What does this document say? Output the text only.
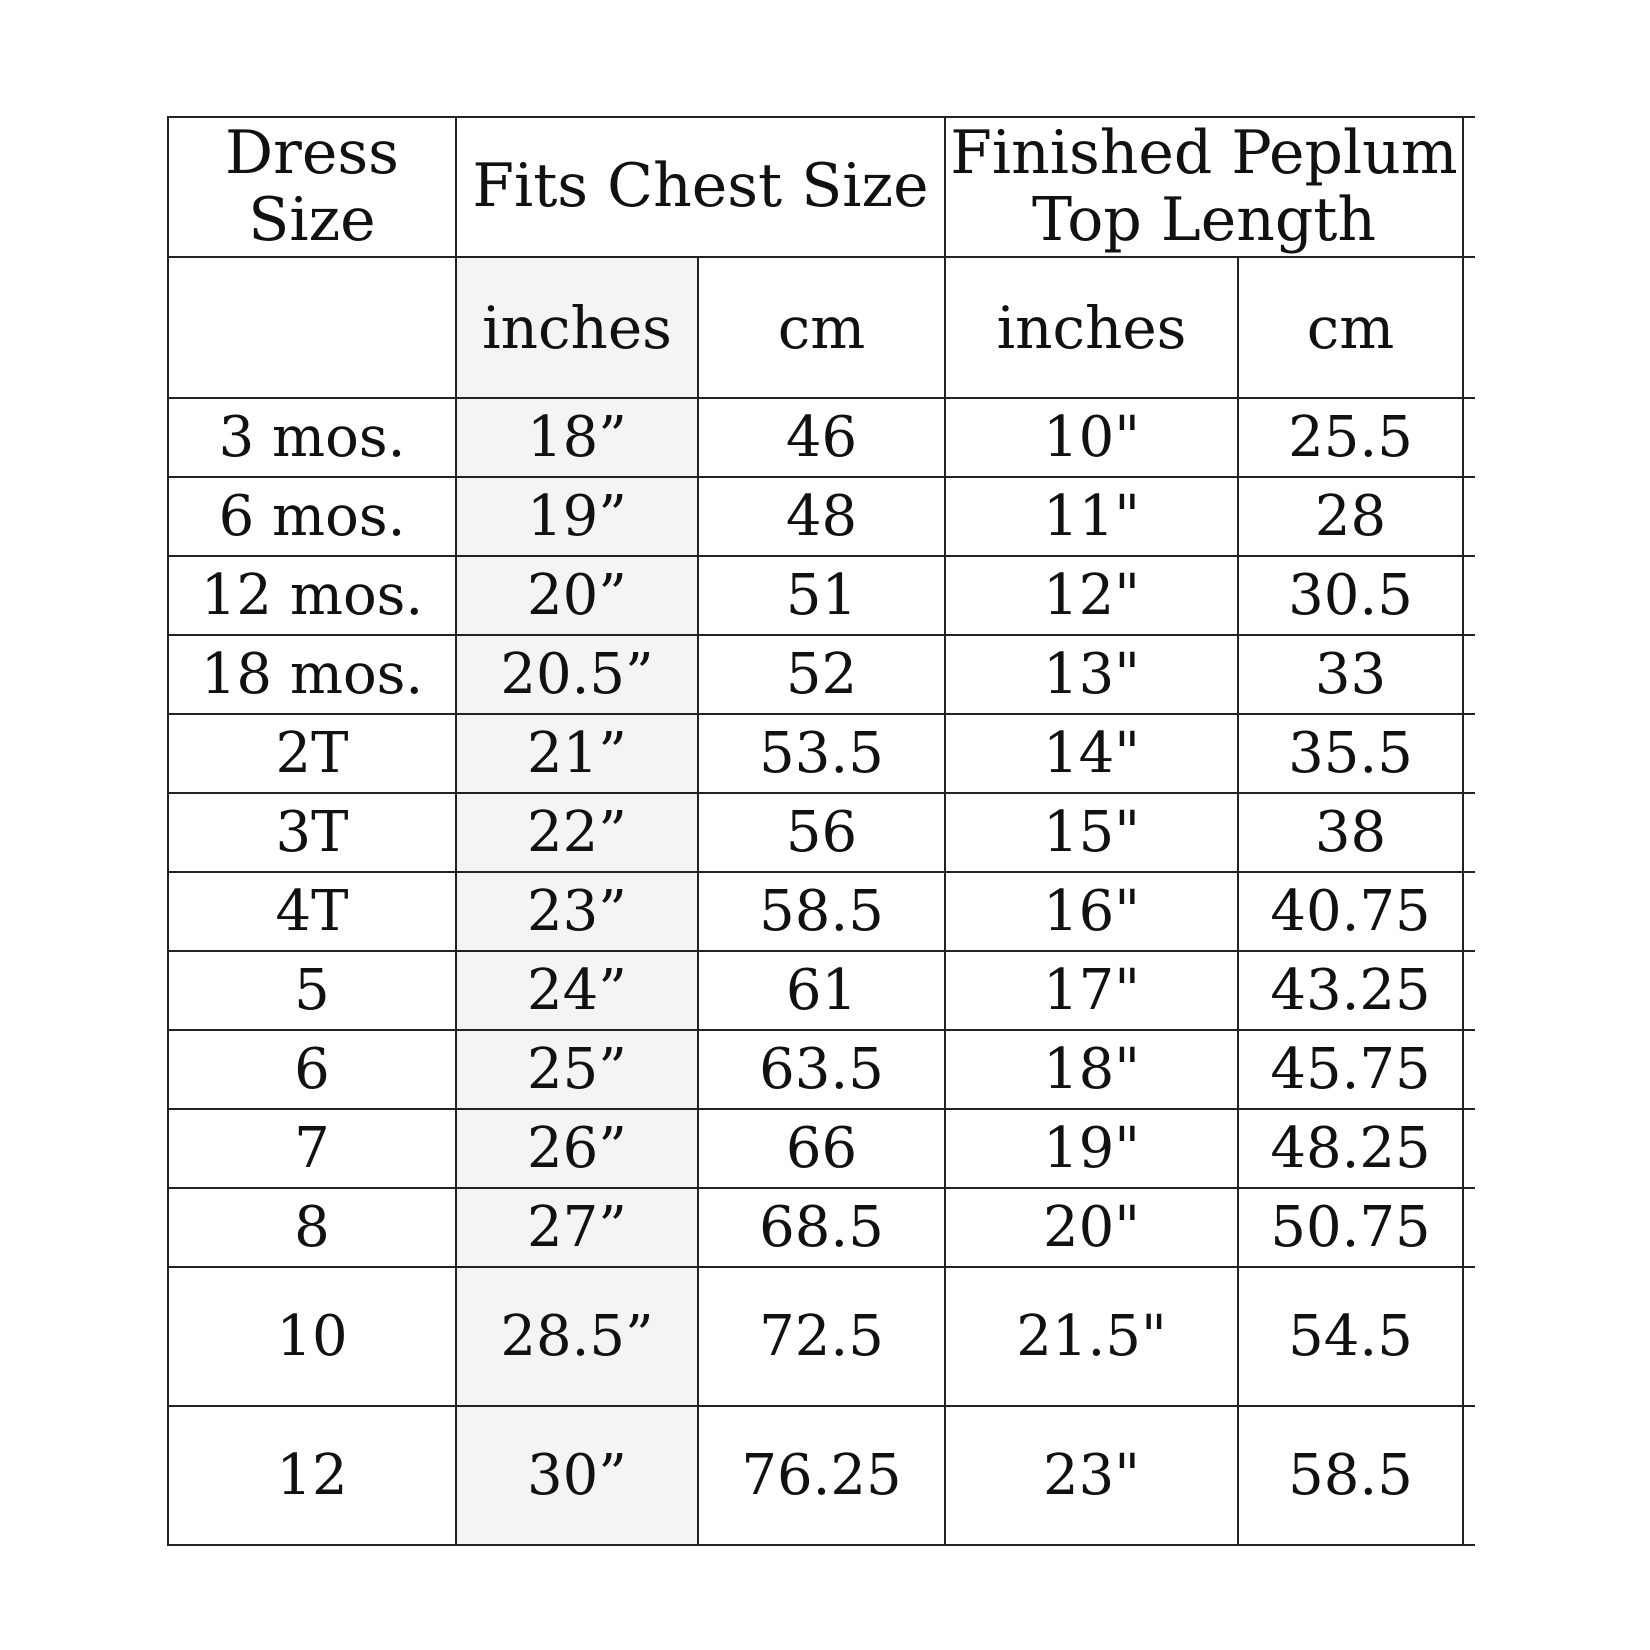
Dress Size	Fits Chest Size		Finished Peplum Top Length		
	inches	cm	inches	cm	
3 mos.	18”	46	10"	25.5	
6 mos.	19”	48	11"	28	
12 mos.	20”	51	12"	30.5	
18 mos.	20.5”	52	13"	33	
2T	21”	53.5	14"	35.5	
3T	22”	56	15"	38	
4T	23”	58.5	16"	40.75	
5	24”	61	17"	43.25	
6	25”	63.5	18"	45.75	
7	26”	66	19"	48.25	
8	27”	68.5	20"	50.75	
10	28.5”	72.5	21.5"	54.5	
12	30”	76.25	23"	58.5	
